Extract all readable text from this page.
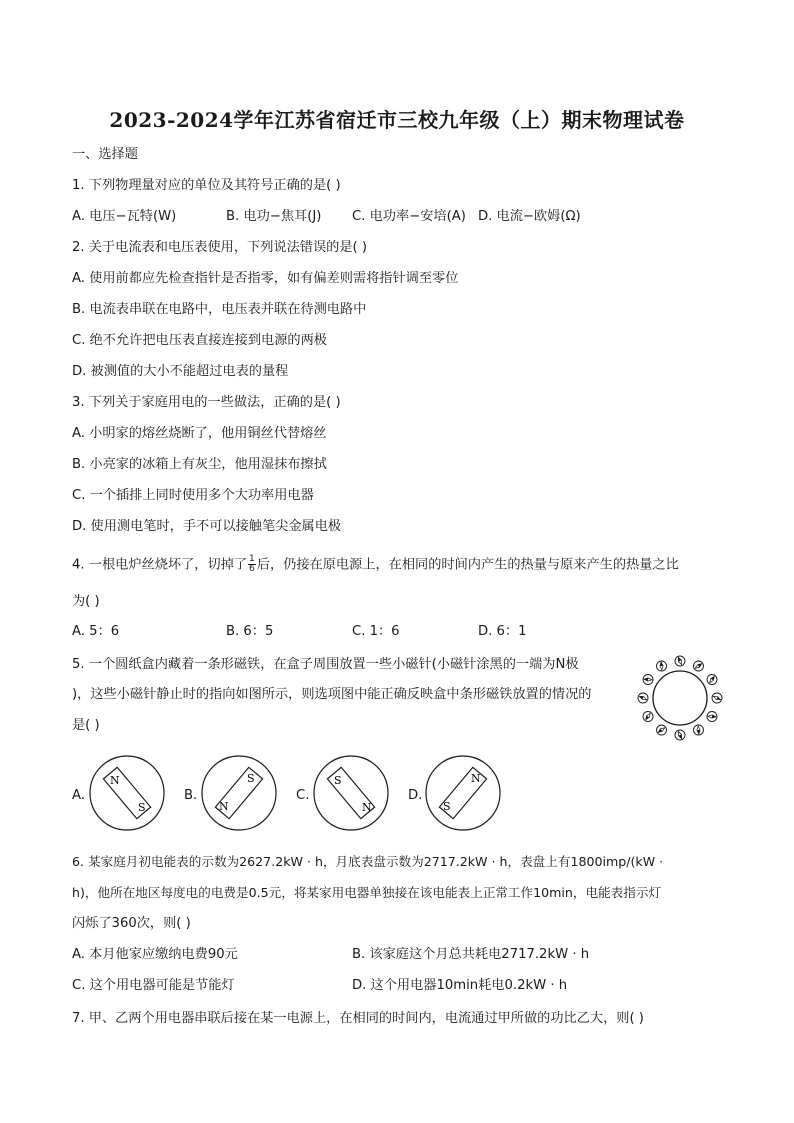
2023-2024学年江苏省宿迁市三校九年级（上）期末物理试卷
一、选择题
1. 下列物理量对应的单位及其符号正确的是( )
A. 电压−瓦特(W)	B. 电功−焦耳(J) C. 电功率−安培(A) D. 电流−欧姆(Ω)
2. 关于电流表和电压表使用，下列说法错误的是( )
A. 使用前都应先检查指针是否指零，如有偏差则需将指针调至零位
B. 电流表串联在电路中，电压表并联在待测电路中
C. 绝不允许把电压表直接连接到电源的两极
D. 被测值的大小不能超过电表的量程
3. 下列关于家庭用电的一些做法，正确的是( )
A. 小明家的熔丝烧断了，他用铜丝代替熔丝
B. 小亮家的冰箱上有灰尘，他用湿抹布擦拭
C. 一个插排上同时使用多个大功率用电器
D. 使用测电笔时，手不可以接触笔尖金属电极
4. 一根电炉丝烧坏了，切掉了 $\frac{1}{6}$ 后，仍接在原电源上，在相同的时间内产生的热量与原来产生的热量之比
为( )
A. 5：6	B. 6：5	C. 1：6	D. 6：1
5. 一个圆纸盒内藏着一条形磁铁，在盒子周围放置一些小磁针(小磁针涂黑的一端为N极
)，这些小磁针静止时的指向如图所示，则选项图中能正确反映盒中条形磁铁放置的情况的
是( )
A.
N
S
B.
S
N
C.
S
N
D.
N
S
6. 某家庭月初电能表的示数为2627.2kW · h，月底表盘示数为2717.2kW · h，表盘上有1800imp/(kW ·
h)，他所在地区每度电的电费是0.5元，将某家用电器单独接在该电能表上正常工作10min，电能表指示灯
闪烁了360次，则( )
A. 本月他家应缴纳电费90元	B. 该家庭这个月总共耗电2717.2kW · h
C. 这个用电器可能是节能灯	D. 这个用电器10min耗电0.2kW · h
7. 甲、乙两个用电器串联后接在某一电源上，在相同的时间内，电流通过甲所做的功比乙大，则( )
